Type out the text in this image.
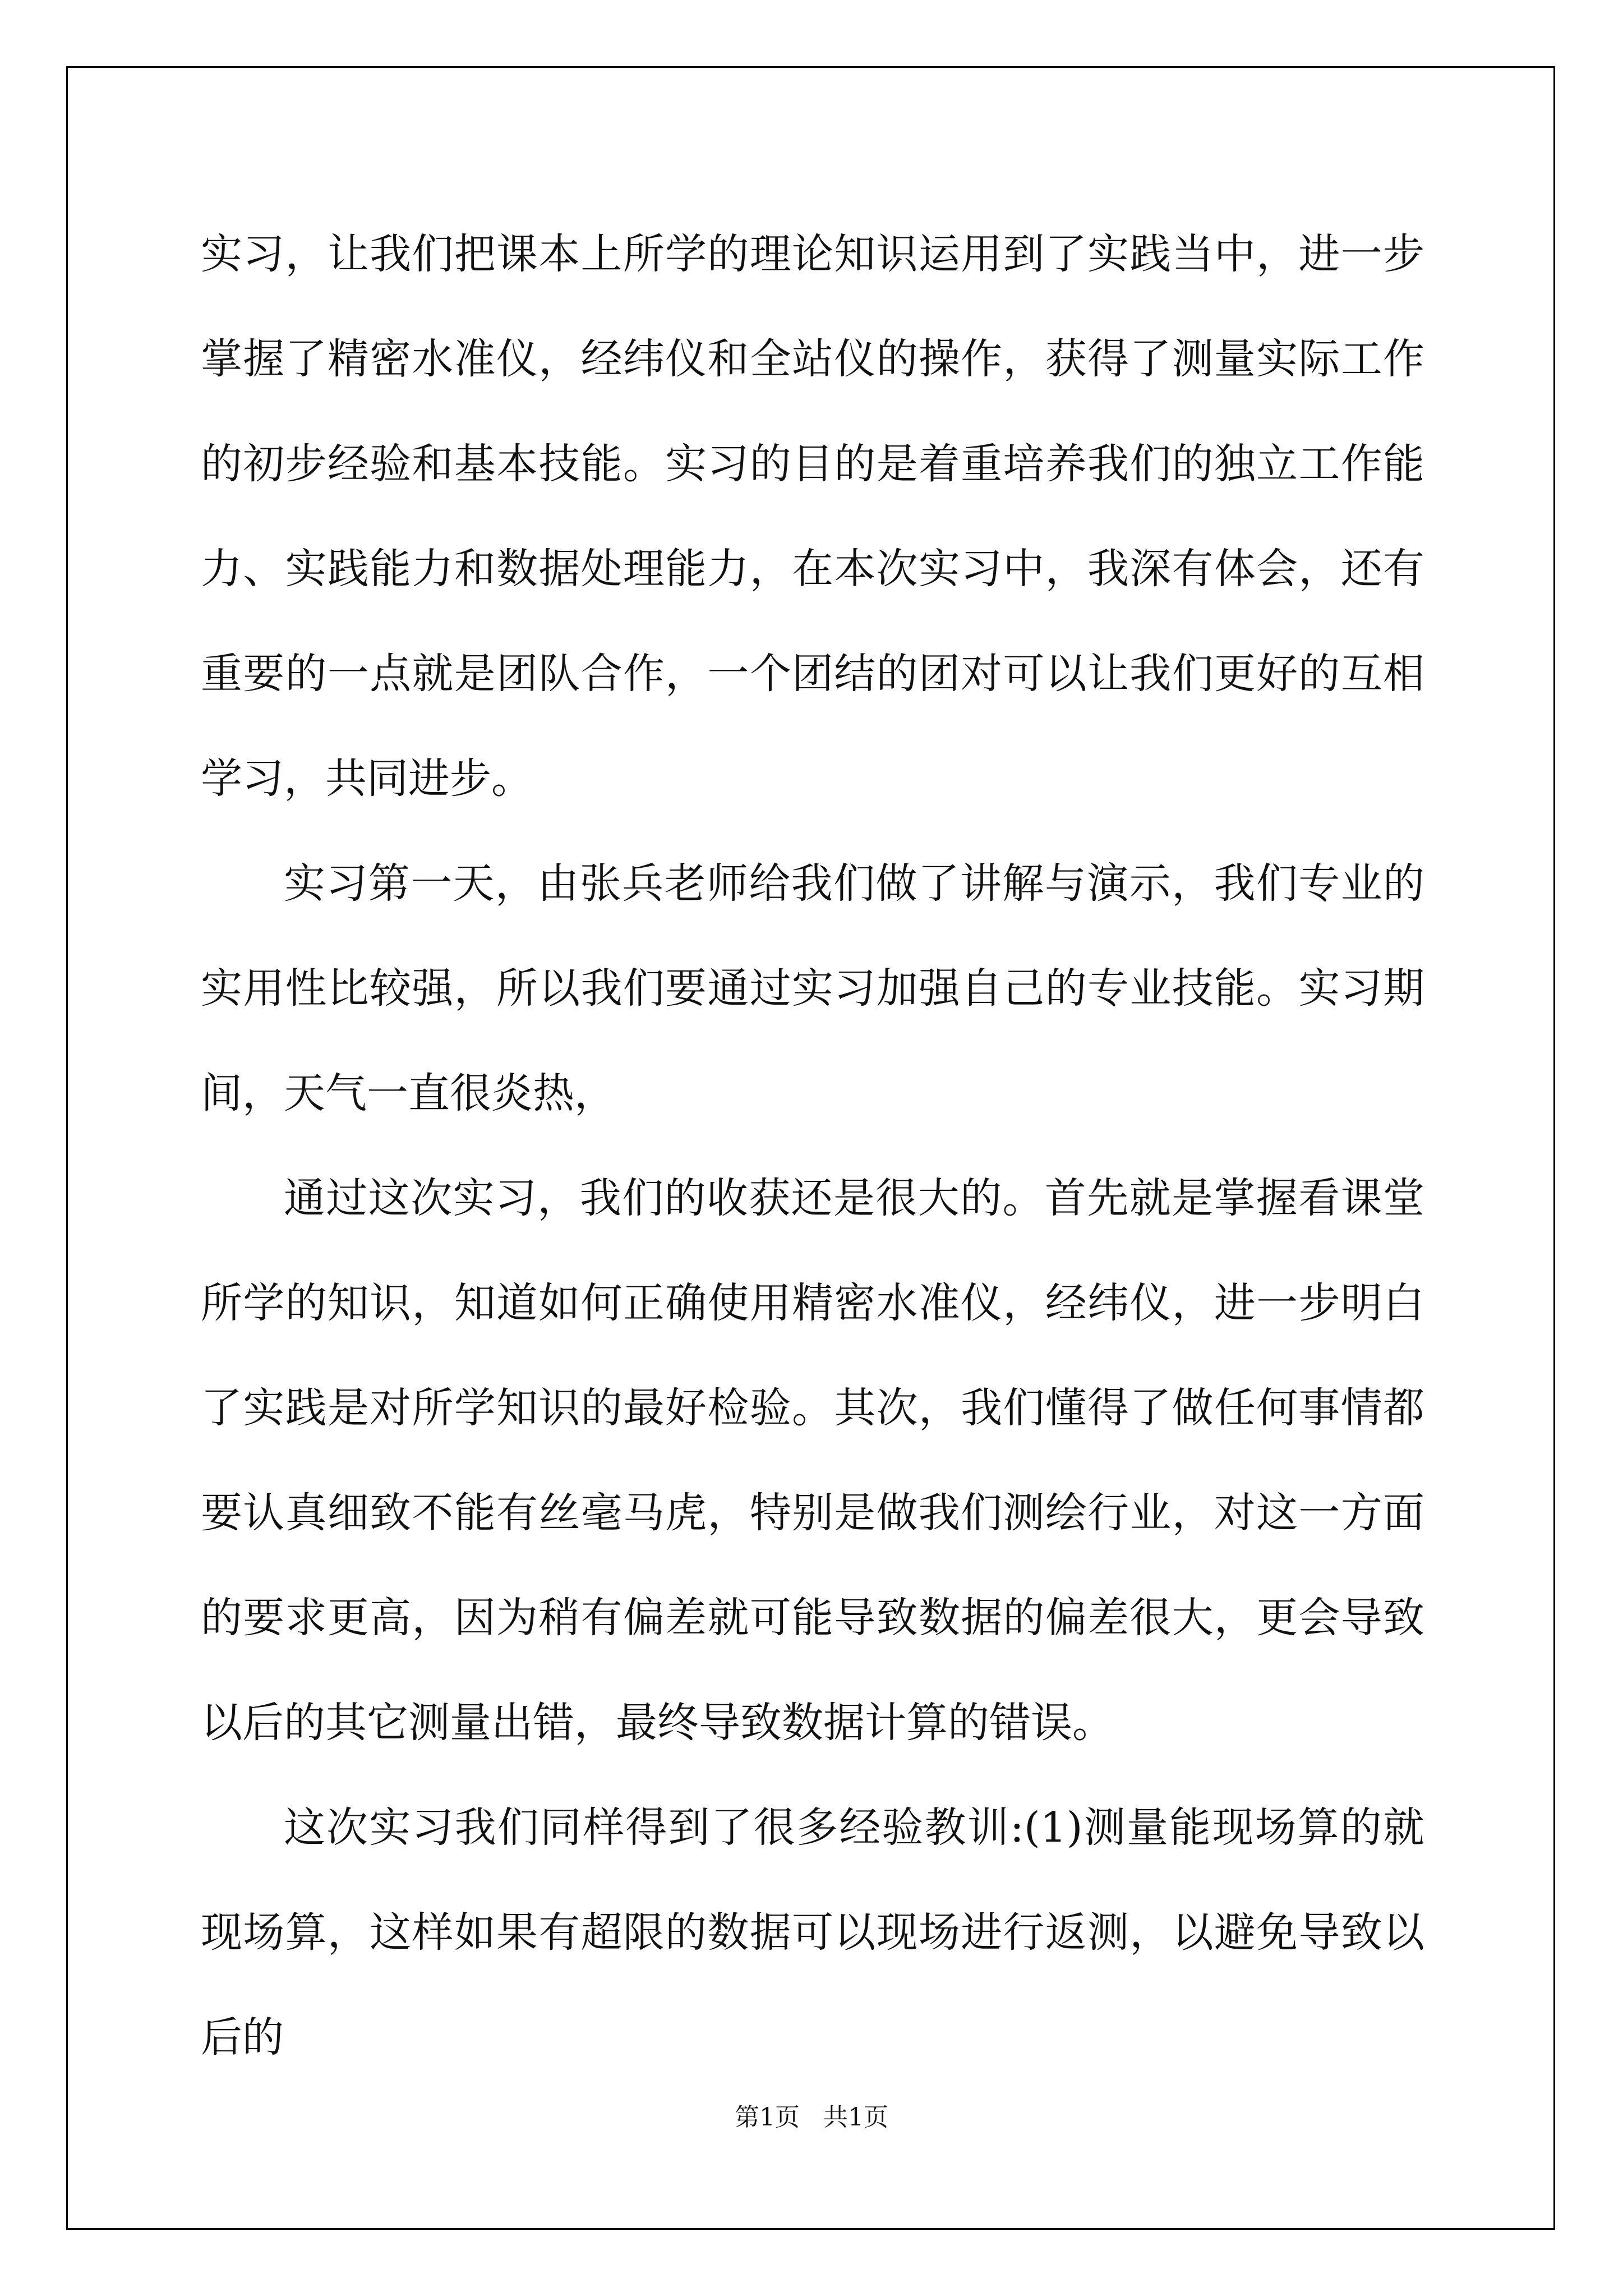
实习，让我们把课本上所学的理论知识运用到了实践当中，进一步掌握了精密水准仪，经纬仪和全站仪的操作，获得了测量实际工作的初步经验和基本技能。实习的目的是着重培养我们的独立工作能力、实践能力和数据处理能力，在本次实习中，我深有体会，还有重要的一点就是团队合作，一个团结的团对可以让我们更好的互相学习，共同进步。

实习第一天，由张兵老师给我们做了讲解与演示，我们专业的实用性比较强，所以我们要通过实习加强自己的专业技能。实习期间，天气一直很炎热，

通过这次实习，我们的收获还是很大的。首先就是掌握看课堂所学的知识，知道如何正确使用精密水准仪，经纬仪，进一步明白了实践是对所学知识的最好检验。其次，我们懂得了做任何事情都要认真细致不能有丝毫马虎，特别是做我们测绘行业，对这一方面的要求更高，因为稍有偏差就可能导致数据的偏差很大，更会导致以后的其它测量出错，最终导致数据计算的错误。

这次实习我们同样得到了很多经验教训:(1)测量能现场算的就现场算，这样如果有超限的数据可以现场进行返测，以避免导致以后的

第1页   共1页
